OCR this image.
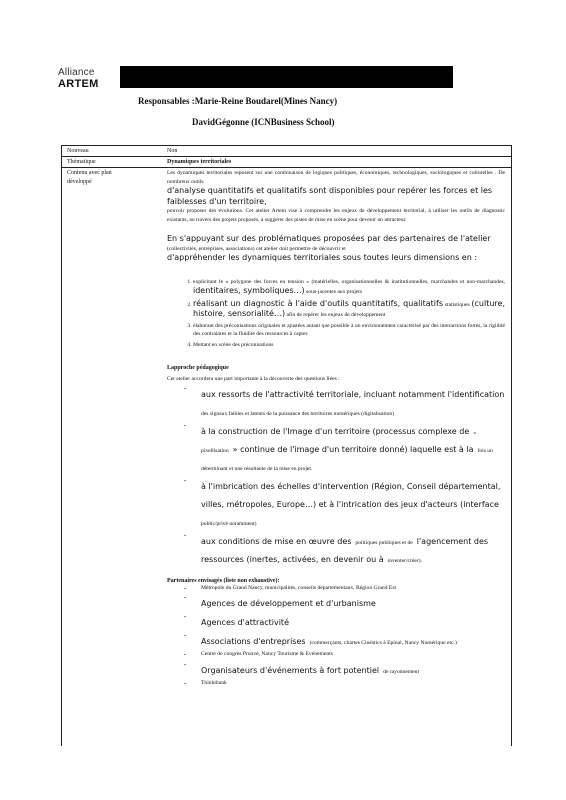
Alliance
ARTEM
Responsables :Marie-Reine Boudarel(Mines Nancy)
DavidGégonne (ICNBusiness School)
Nouveau	Non
Thématique	Dynamiques territoriales
Contenu avec plan développé
Les dynamiques territoriales reposent sur une combinaison de logiques politiques, économiques, technologiques, sociologiques et culturelles . De nombreux outils
d'analyse quantitatifs et qualitatifs sont disponibles pour repérer les forces et les faiblesses d'un territoire,
pouvoir proposer des évolutions. Cet atelier Artem vise à comprendre les enjeux de développement territorial, à utiliser les outils de diagnostic existants, au travers des projets proposés, à suggérer des pistes de mise en scène pour devenir un attracteur.
En s'appuyant sur des problématiques proposées par des partenaires de l'atelier
(collectivités, entreprises, associations) cet atelier doit permettre de découvrir et
d'appréhender les dynamiques territoriales sous toutes leurs dimensions en :
1. explicitant le « polygone des forces en tension » (matérielles, organisationnelles & institutionnelles, marchandes et non-marchandes, identitaires, symboliques…) sous-jacentes aux projets
2. réalisant un diagnostic à l'aide d'outils quantitatifs, qualitatifs statistiques (culture, histoire, sensorialité…) afin de repérer les enjeux de développement
3. élaborant des préconisations originales et ajustées autant que possible à un environnement caractérisé par des interactions fortes, la rigidité des contraintes et la fluidité des ressources à capter.
4. Mettant en scène des préconisations
Lapproche pédagogique
Cet atelier accordera une part importante à la découverte des questions liées :
- aux ressorts de l'attractivité territoriale, incluant notamment l'identification des signaux faibles et latents de la puissance des territoires numériques (digitalisation)
- à la construction de l'Image d'un territoire (processus complexe de « pixellisation » continue de l'image d'un territoire donné) laquelle est à la fois un déterminant et une résultante de la mise en projet.
- à l'imbrication des échelles d'intervention (Région, Conseil départemental, villes, métropoles, Europe…) et à l'intrication des jeux d'acteurs (interface public/privé notamment)
- aux conditions de mise en œuvre des politiques publiques et de l'agencement des ressources (inertes, activées, en devenir ou à inventer/créer).
Partenaires envisagés (liste non exhaustive):
- Métropole du Grand Nancy, municipalités, conseils départementaux, Région Grand Est
- Agences de développement et d'urbanisme
- Agences d'attractivité
- Associations d'entreprises (commerçants, chartes Cinéstics à Epinal, Nancy Numérique etc.)
- Centre de congrès Prouvé, Nancy Tourisme & Evénements
- Organisateurs d'événements à fort potentiel de rayonnement
- Thinkthank
